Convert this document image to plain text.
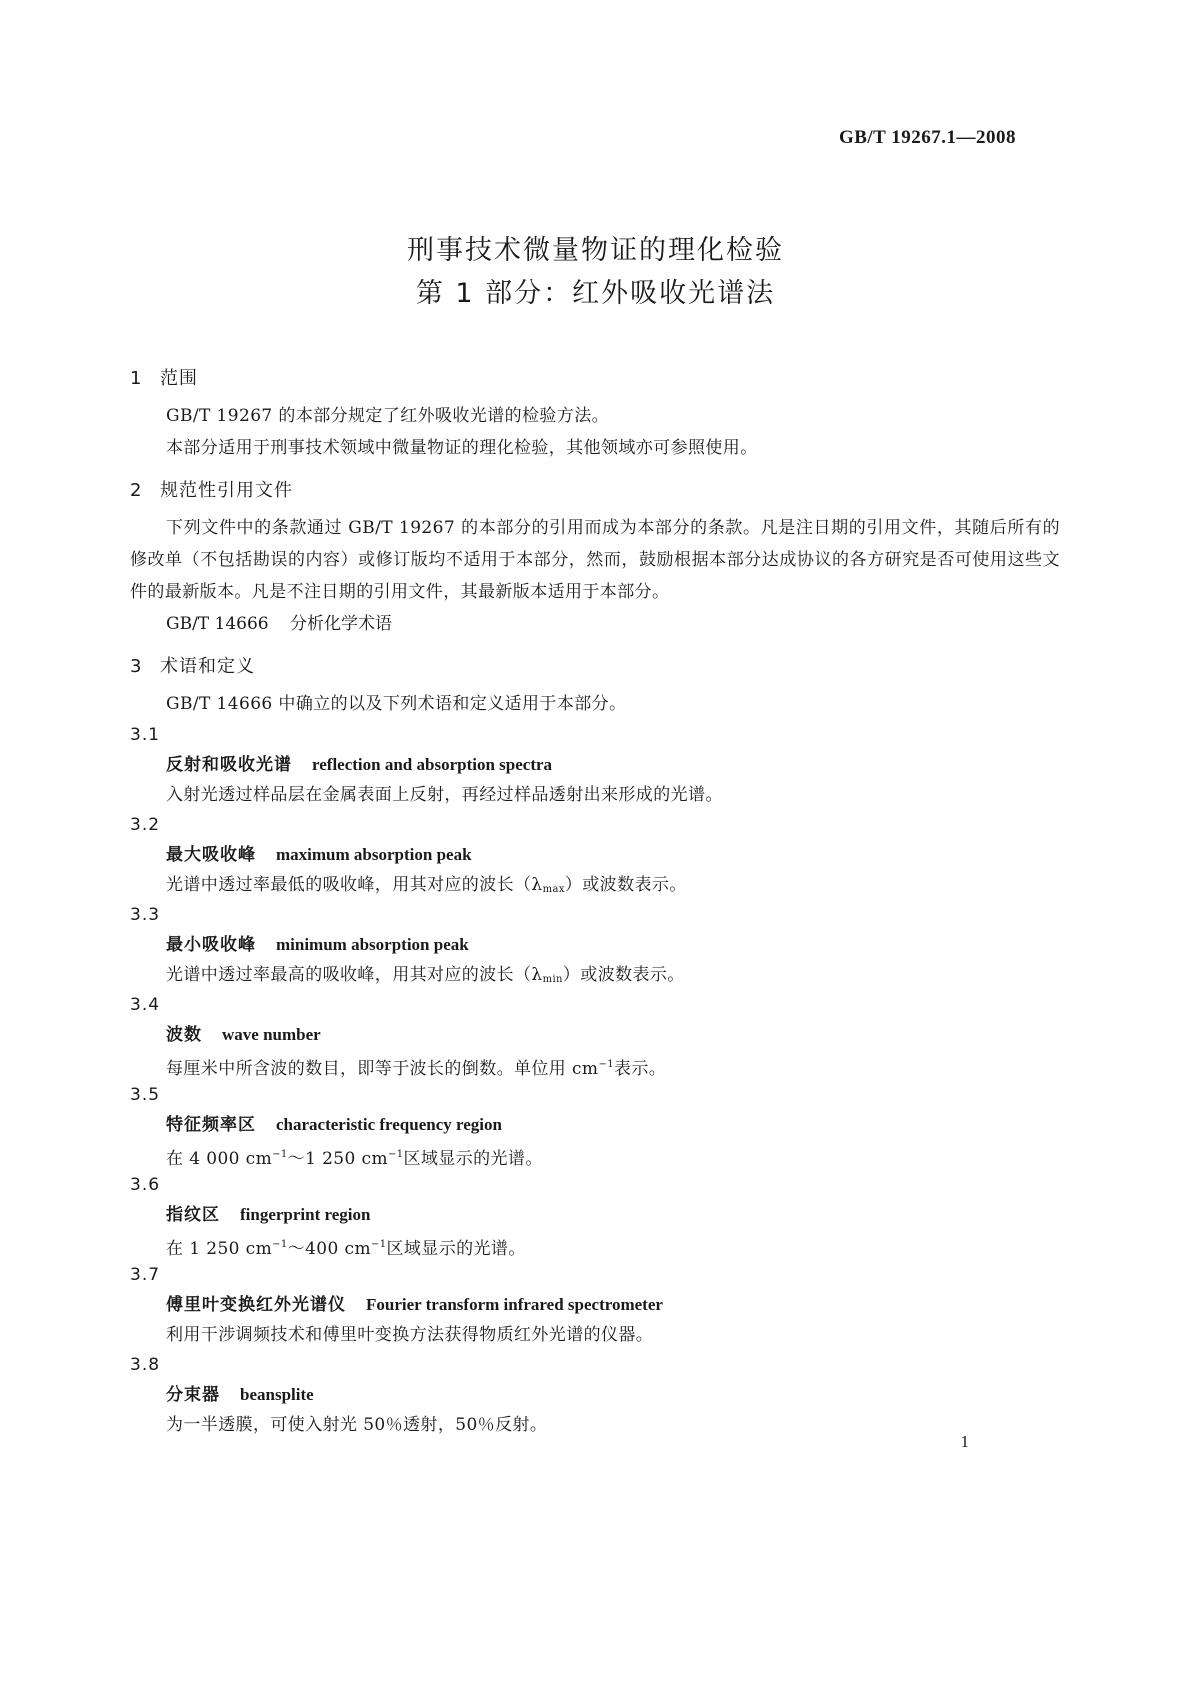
GB/T 19267.1—2008
刑事技术微量物证的理化检验
第 1 部分：红外吸收光谱法
1 范围

GB/T 19267 的本部分规定了红外吸收光谱的检验方法。

本部分适用于刑事技术领域中微量物证的理化检验，其他领域亦可参照使用。

2 规范性引用文件

下列文件中的条款通过 GB/T 19267 的本部分的引用而成为本部分的条款。凡是注日期的引用文件，其随后所有的修改单（不包括勘误的内容）或修订版均不适用于本部分，然而，鼓励根据本部分达成协议的各方研究是否可使用这些文件的最新版本。凡是不注日期的引用文件，其最新版本适用于本部分。

GB/T 14666 分析化学术语
3 术语和定义

GB/T 14666 中确立的以及下列术语和定义适用于本部分。

3.1
反射和吸收光谱 reflection and absorption spectra
入射光透过样品层在金属表面上反射，再经过样品透射出来形成的光谱。
3.2
最大吸收峰 maximum absorption peak
光谱中透过率最低的吸收峰，用其对应的波长$(\lambda_{max})$或波数表示。
3.3
最小吸收峰 minimum absorption peak
光谱中透过率最高的吸收峰，用其对应的波长$(\lambda_{min})$或波数表示。
3.4
波数 wave number
每厘米中所含波的数目，即等于波长的倒数。单位用 $cm^{-1}$表示。
3.5
特征频率区 characteristic frequency region
在 4 000 $cm^{-1}\sim 1$ 250 $cm^{-1}$区域显示的光谱。
3.6
指纹区 fingerprint region
在 1 250 $cm^{-1}\sim 400$ $cm^{-1}$区域显示的光谱。
3.7
傅里叶变换红外光谱仪 Fourier transform infrared spectrometer
利用干涉调频技术和傅里叶变换方法获得物质红外光谱的仪器。
3.8
分束器 beansplite
为一半透膜，可使入射光 50％透射，50％反射。
1
